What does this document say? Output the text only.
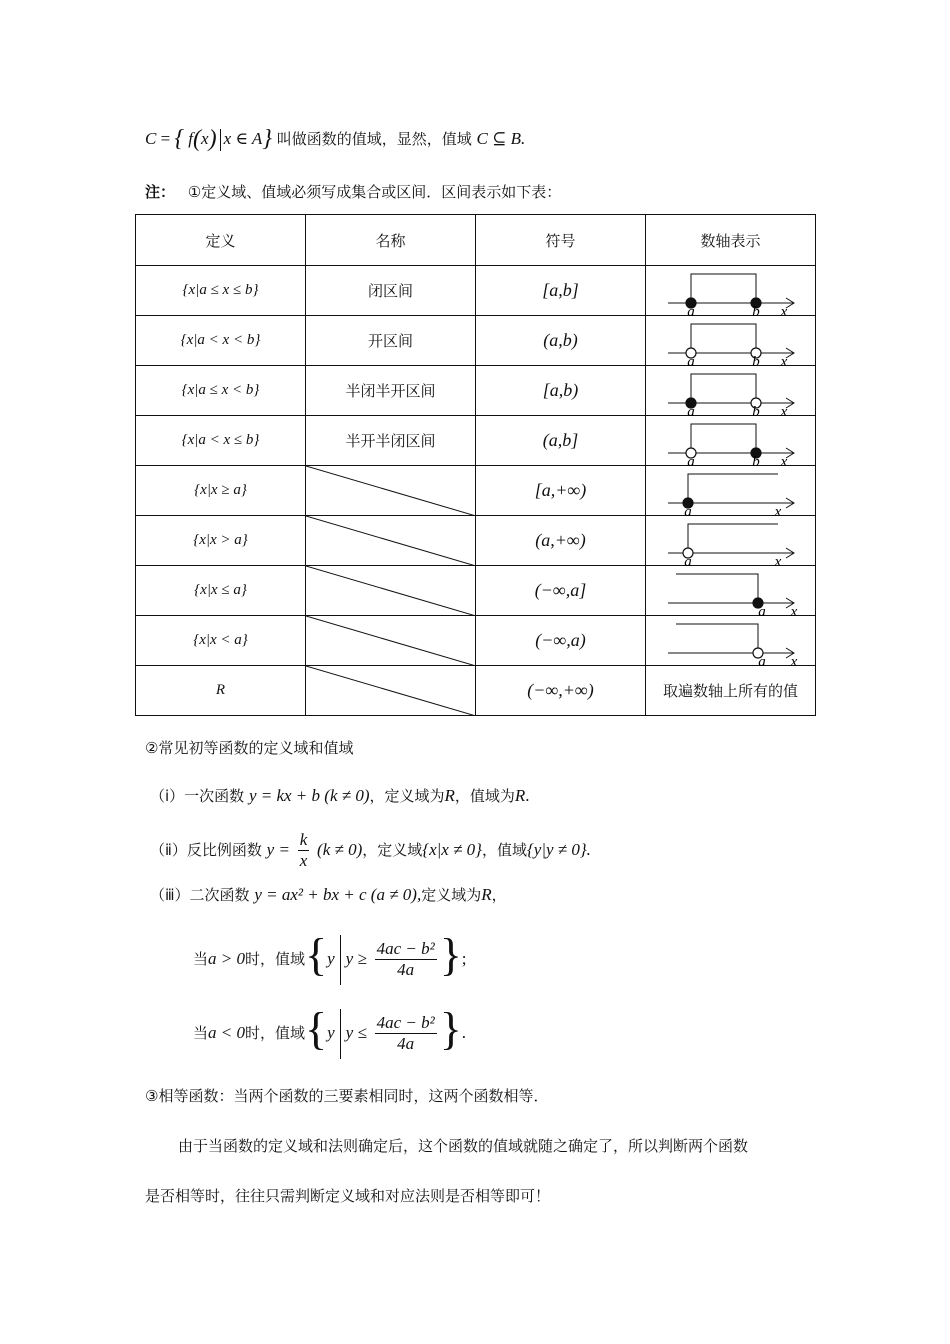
C = { f(x) x ∈ A} 叫做函数的值域，显然，值域 C ⊆ B.
注： ①定义域、值域必须写成集合或区间．区间表示如下表：
定义	名称	符号	数轴表示
{x|a ≤ x ≤ b}	闭区间	[a,b]	a b x

{x|a < x < b}	开区间	(a,b)	a b x

{x|a ≤ x < b}	半闭半开区间	[a,b)	a b x

{x|a < x ≤ b}	半开半闭区间	(a,b]	a b x

{x|x ≥ a}		[a,+∞)	a x

{x|x > a}		(a,+∞)	a x

{x|x ≤ a}		(−∞,a]	a x

{x|x < a}		(−∞,a)	a x

R		(−∞,+∞)	取遍数轴上所有的值
②常见初等函数的定义域和值域
（ⅰ）一次函数 y = kx + b (k ≠ 0)，定义域为R，值域为R.
（ⅱ）反比例函数 $y = \frac{k}{x} (k \ne 0)$，定义域{x|x ≠ 0}，值域{y|y ≠ 0}.
（ⅲ）二次函数 y = ax² + bx + c (a ≠ 0),定义域为R，
当a > 0时，值域{y $y \ge \frac{\text{4ac − b²}}{4a}$ };
当a < 0时，值域{y $y \le \frac{\text{4ac − b²}}{4a}$ }.
③相等函数：当两个函数的三要素相同时，这两个函数相等．
由于当函数的定义域和法则确定后，这个函数的值域就随之确定了，所以判断两个函数
是否相等时，往往只需判断定义域和对应法则是否相等即可！
